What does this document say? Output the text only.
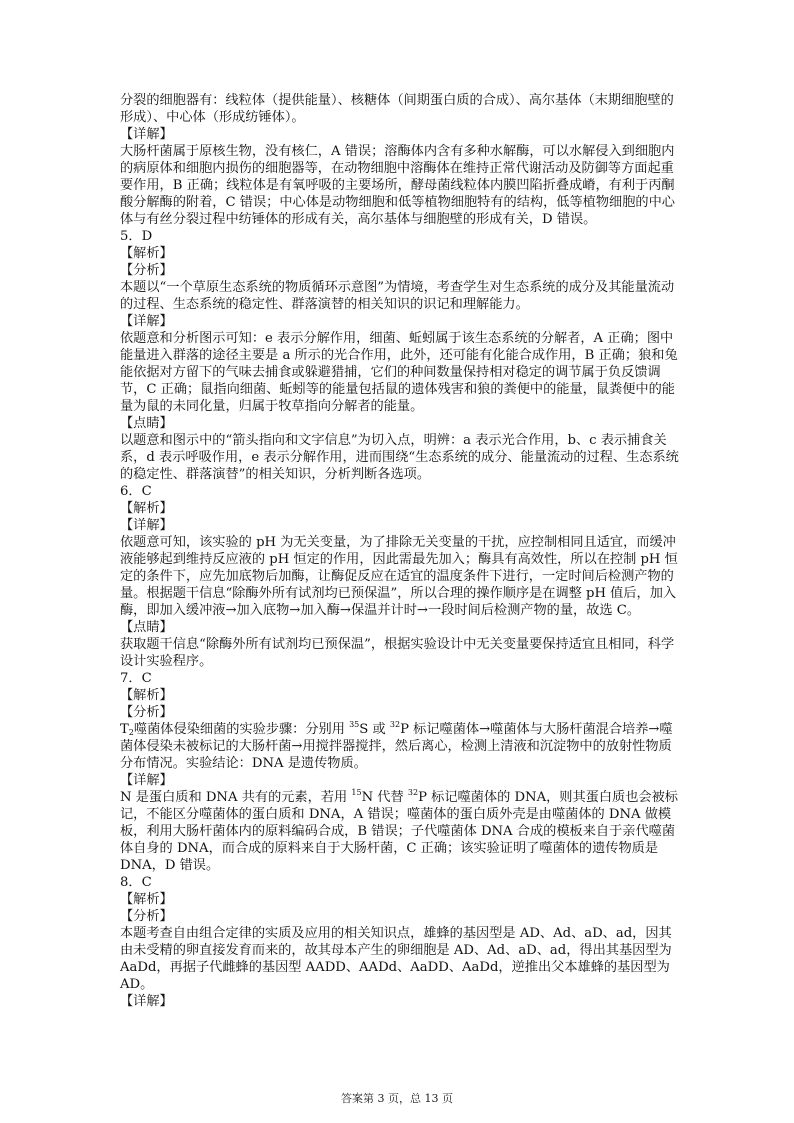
分裂的细胞器有：线粒体（提供能量）、核糖体（间期蛋白质的合成）、高尔基体（末期细胞壁的形成）、中心体（形成纺锤体）。

【详解】

大肠杆菌属于原核生物，没有核仁，A 错误；溶酶体内含有多种水解酶，可以水解侵入到细胞内的病原体和细胞内损伤的细胞器等，在动物细胞中溶酶体在维持正常代谢活动及防御等方面起重要作用，B 正确；线粒体是有氧呼吸的主要场所，酵母菌线粒体内膜凹陷折叠成嵴，有利于丙酮酸分解酶的附着，C 错误；中心体是动物细胞和低等植物细胞特有的结构，低等植物细胞的中心体与有丝分裂过程中纺锤体的形成有关，高尔基体与细胞壁的形成有关，D 错误。

5．D

【解析】

【分析】

本题以“一个草原生态系统的物质循环示意图”为情境，考查学生对生态系统的成分及其能量流动的过程、生态系统的稳定性、群落演替的相关知识的识记和理解能力。

【详解】

依题意和分析图示可知：e 表示分解作用，细菌、蚯蚓属于该生态系统的分解者，A 正确；图中能量进入群落的途径主要是 a 所示的光合作用，此外，还可能有化能合成作用，B 正确；狼和兔能依据对方留下的气味去捕食或躲避猎捕，它们的种间数量保持相对稳定的调节属于负反馈调节，C 正确；鼠指向细菌、蚯蚓等的能量包括鼠的遗体残害和狼的粪便中的能量，鼠粪便中的能量为鼠的未同化量，归属于牧草指向分解者的能量。

【点睛】

以题意和图示中的“箭头指向和文字信息”为切入点，明辨：a 表示光合作用，b、c 表示捕食关系，d 表示呼吸作用，e 表示分解作用，进而围绕“生态系统的成分、能量流动的过程、生态系统的稳定性、群落演替”的相关知识，分析判断各选项。

6．C

【解析】

【详解】

依题意可知，该实验的 pH 为无关变量，为了排除无关变量的干扰，应控制相同且适宜，而缓冲液能够起到维持反应液的 pH 恒定的作用，因此需最先加入；酶具有高效性，所以在控制 pH 恒定的条件下，应先加底物后加酶，让酶促反应在适宜的温度条件下进行，一定时间后检测产物的量。根据题干信息“除酶外所有试剂均已预保温”，所以合理的操作顺序是在调整 pH 值后，加入酶，即加入缓冲液→加入底物→加入酶→保温并计时→一段时间后检测产物的量，故选 C。

【点睛】

获取题干信息“除酶外所有试剂均已预保温”，根据实验设计中无关变量要保持适宜且相同，科学设计实验程序。

7．C

【解析】

【分析】

$T_2$噬菌体侵染细菌的实验步骤：分别用 $^{35}$S 或 $^{32}$P 标记噬菌体→噬菌体与大肠杆菌混合培养→噬菌体侵染未被标记的大肠杆菌→用搅拌器搅拌，然后离心，检测上清液和沉淀物中的放射性物质分布情况。实验结论：DNA 是遗传物质。

【详解】

N 是蛋白质和 DNA 共有的元素，若用 $^{15}$N 代替 $^{32}$P 标记噬菌体的 DNA，则其蛋白质也会被标记，不能区分噬菌体的蛋白质和 DNA，A 错误；噬菌体的蛋白质外壳是由噬菌体的 DNA 做模板，利用大肠杆菌体内的原料编码合成，B 错误；子代噬菌体 DNA 合成的模板来自于亲代噬菌体自身的 DNA，而合成的原料来自于大肠杆菌，C 正确；该实验证明了噬菌体的遗传物质是 DNA，D 错误。

8．C

【解析】

【分析】

本题考查自由组合定律的实质及应用的相关知识点，雄蜂的基因型是 AD、Ad、aD、ad，因其由未受精的卵直接发育而来的，故其母本产生的卵细胞是 AD、Ad、aD、ad，得出其基因型为 AaDd，再据子代雌蜂的基因型 AADD、AADd、AaDD、AaDd，逆推出父本雄蜂的基因型为 AD。

【详解】

答案第 3 页，总 13 页
